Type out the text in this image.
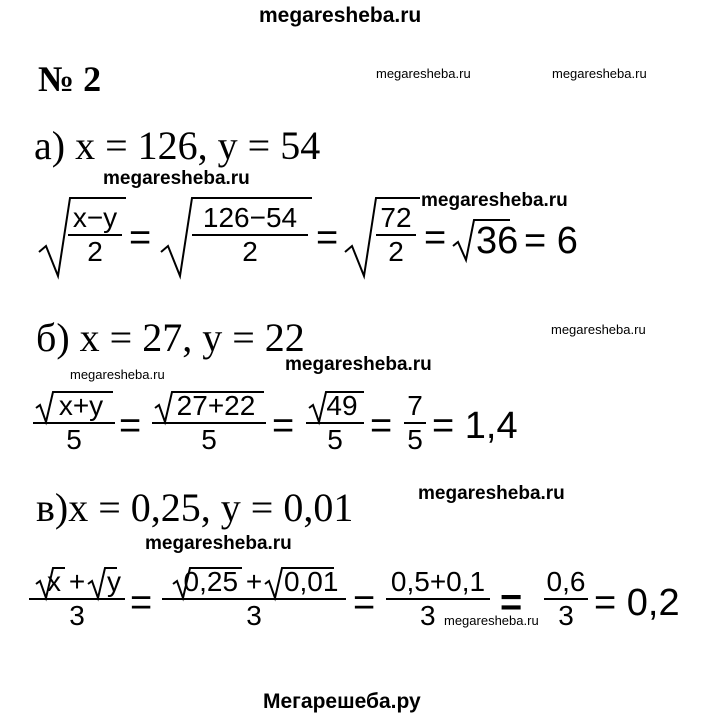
megaresheba.ru
megaresheba.ru	megaresheba.ru
megaresheba.ru
megaresheba.ru
megaresheba.ru
megaresheba.ru
megaresheba.ru
megaresheba.ru
megaresheba.ru
megaresheba.ru
Мегарешеба.ру
№ 2
а) x = 126, y = 54
x−y
2 =	126−54
2	= 72
2 = 36 = 6
б) x = 27, y = 22
x+y
5 =	27+22
5	=	49
5 = 7
5 = 1,4
в)x = 0,25, y = 0,01
x + y
3	=
0,25 + 0,01
3	=
0,5+0,1
3	=
0,6
3 = 0,2
